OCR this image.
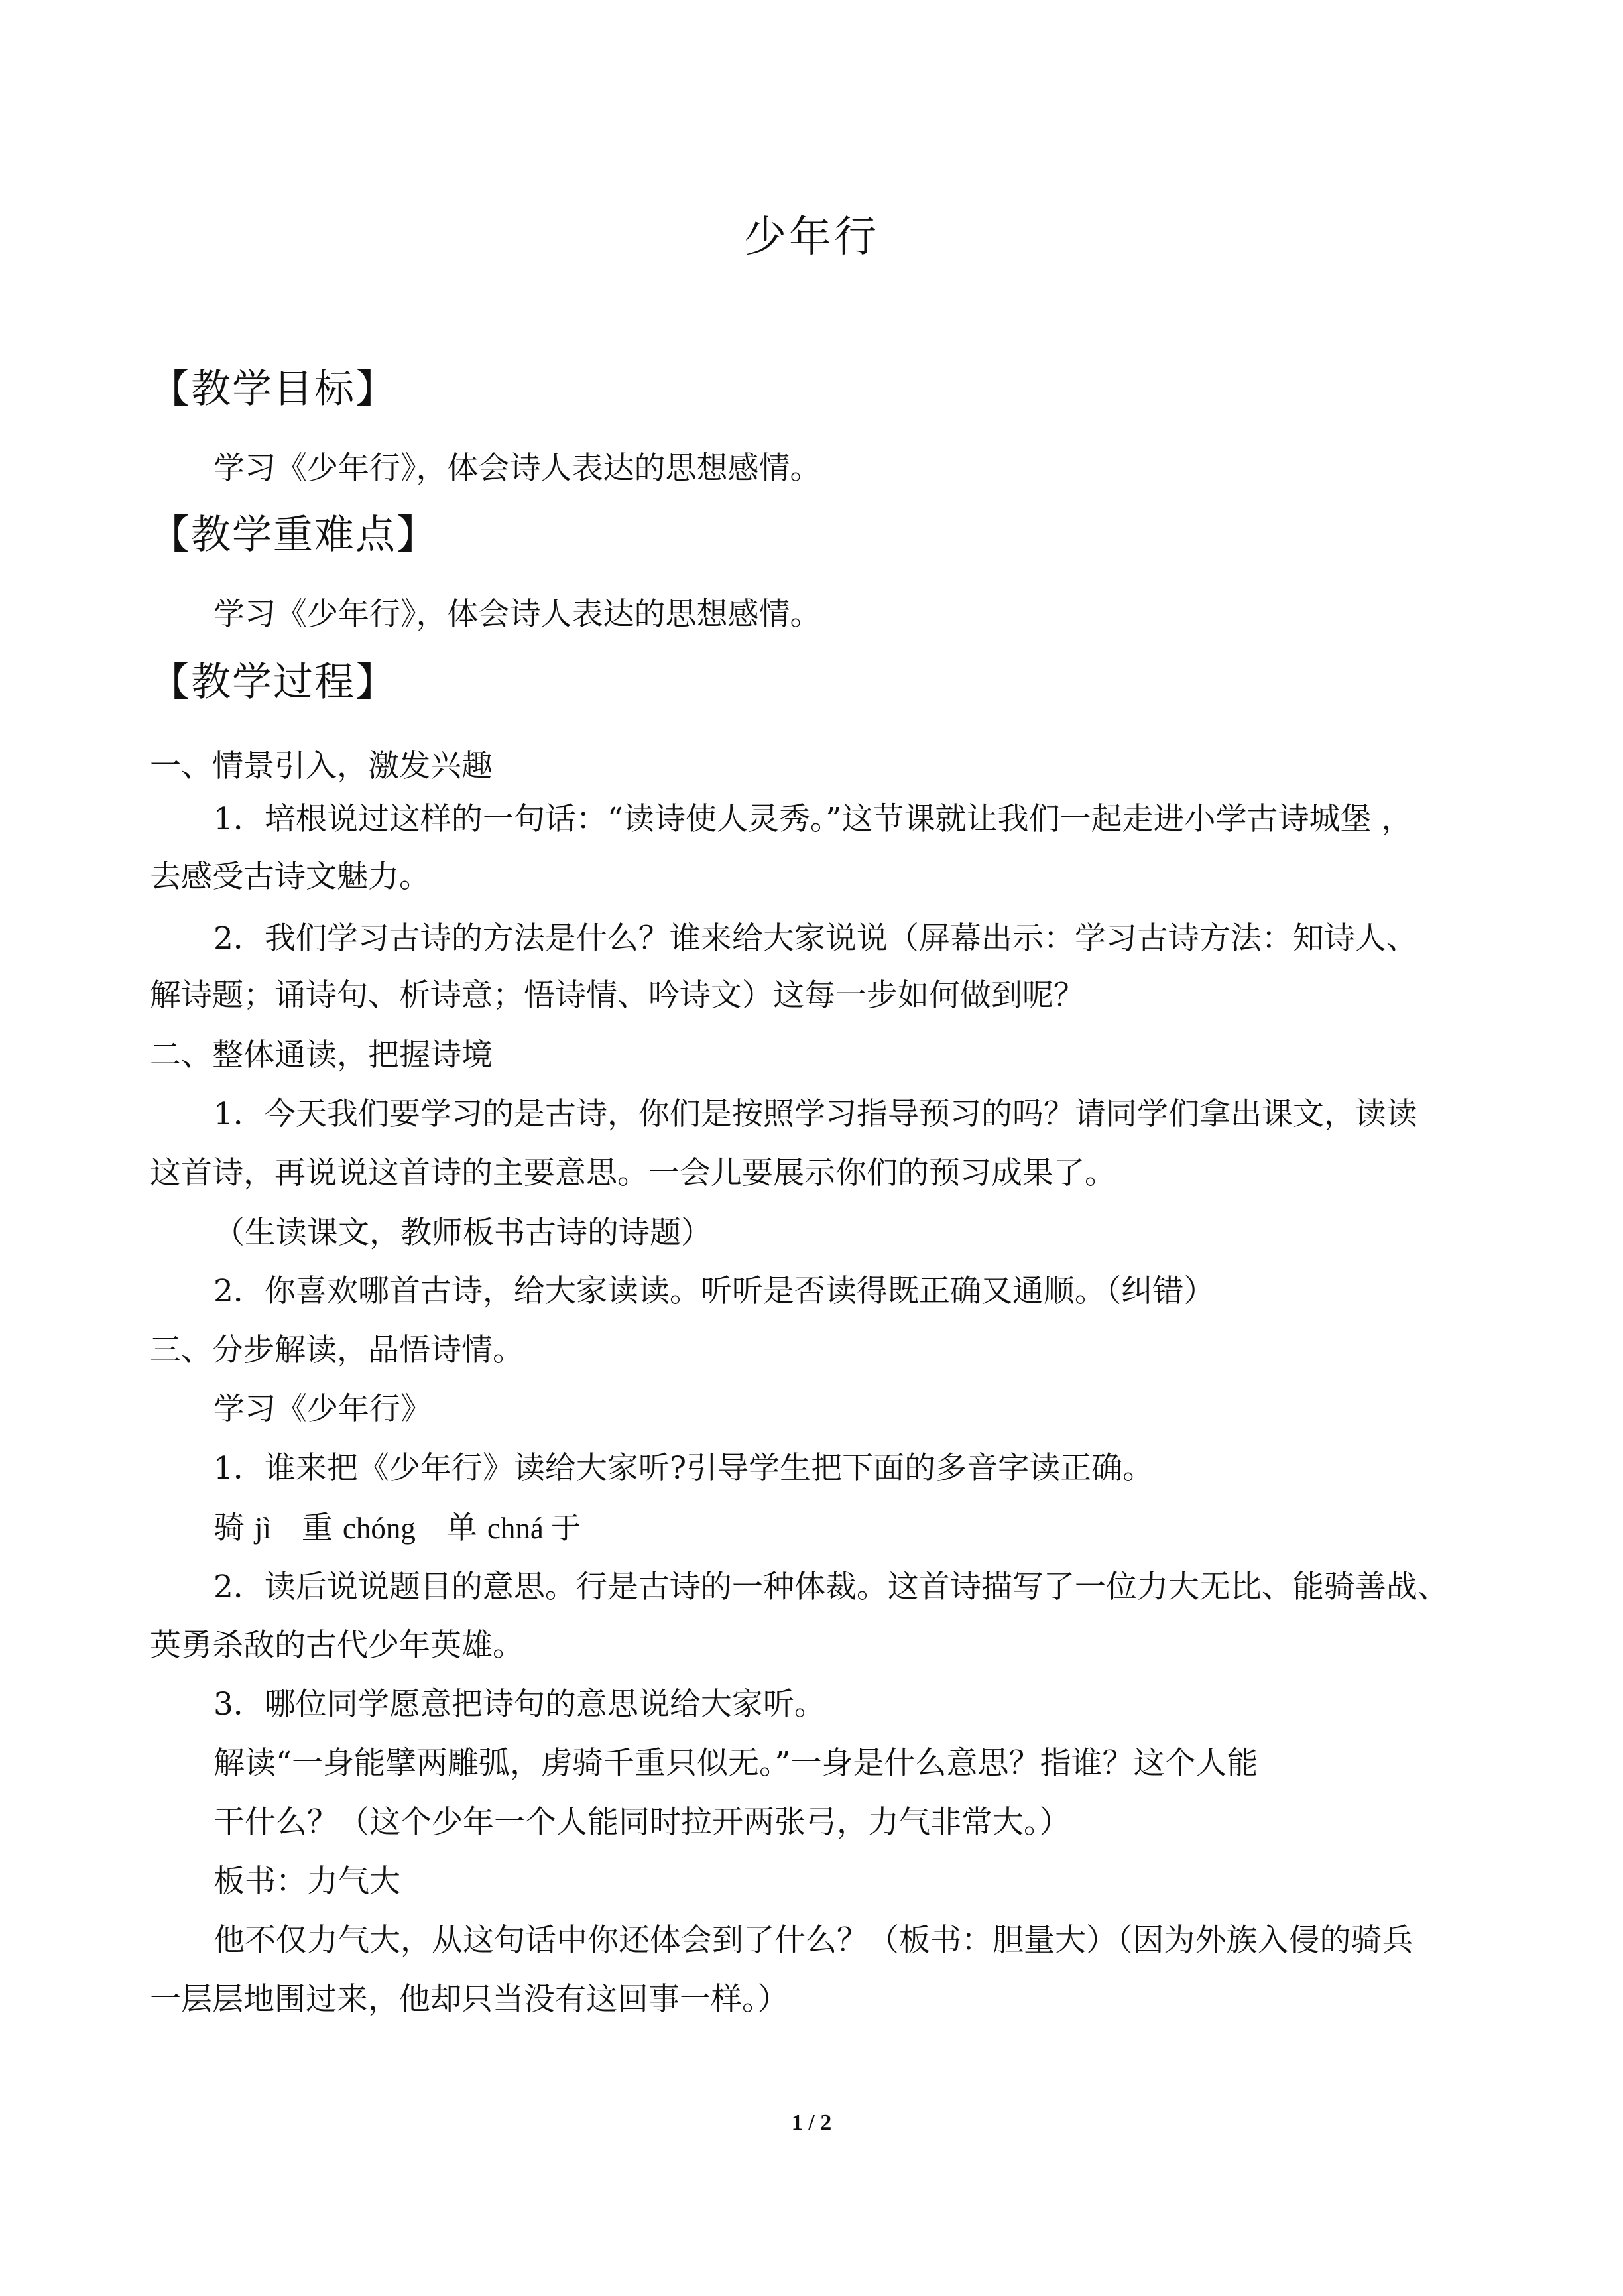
少年行
【教学目标】
学习《少年行》，体会诗人表达的思想感情。
【教学重难点】
学习《少年行》，体会诗人表达的思想感情。
【教学过程】
一、情景引入，激发兴趣
1．培根说过这样的一句话：“读诗使人灵秀。”这节课就让我们一起走进小学古诗城堡 ，
去感受古诗文魅力。
2．我们学习古诗的方法是什么？谁来给大家说说（屏幕出示：学习古诗方法：知诗人、
解诗题；诵诗句、析诗意；悟诗情、吟诗文）这每一步如何做到呢？
二、整体通读，把握诗境
1．今天我们要学习的是古诗，你们是按照学习指导预习的吗？请同学们拿出课文，读读
这首诗，再说说这首诗的主要意思。一会儿要展示你们的预习成果了。
（生读课文，教师板书古诗的诗题）
2．你喜欢哪首古诗，给大家读读。听听是否读得既正确又通顺。（纠错）
三、分步解读，品悟诗情。
学习《少年行》
1．谁来把《少年行》读给大家听?引导学生把下面的多音字读正确。
骑 jì 重 chóng 单 chná 于
2．读后说说题目的意思。行是古诗的一种体裁。这首诗描写了一位力大无比、能骑善战、
英勇杀敌的古代少年英雄。
3．哪位同学愿意把诗句的意思说给大家听。
解读“一身能擘两雕弧，虏骑千重只似无。”一身是什么意思？指谁？这个人能
干什么？（这个少年一个人能同时拉开两张弓，力气非常大。）
板书：力气大
他不仅力气大，从这句话中你还体会到了什么？（板书：胆量大）（因为外族入侵的骑兵
一层层地围过来，他却只当没有这回事一样。）
1 / 2
